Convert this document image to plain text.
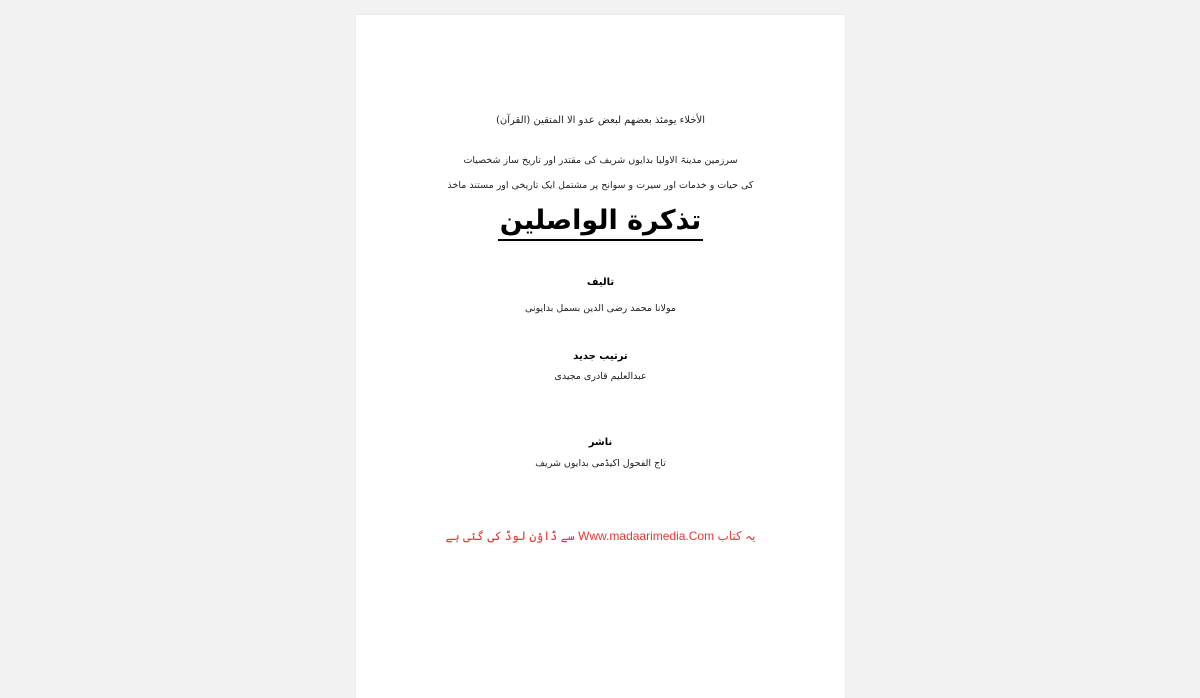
الأخلاء يومئذ بعضهم لبعض عدو الا المتقين (القرآن)
سرزمین مدینۃ الاولیا بدایوں شریف کی مقتدر اور تاریخ ساز شخصیات
کی حیات و خدمات اور سیرت و سوانح پر مشتمل ایک تاریخی اور مستند ماخذ
تذکرة الواصلین
تالیف
مولانا محمد رضی الدین بسمل بدایونی
ترتیب جدید
عبدالعلیم قادری مجیدی
ناشر
تاج الفحول اکیڈمی بدایوں شریف
یہ کتاب Www.madaarimedia.Com سے ڈاؤن لوڈ کی گئی ہے
